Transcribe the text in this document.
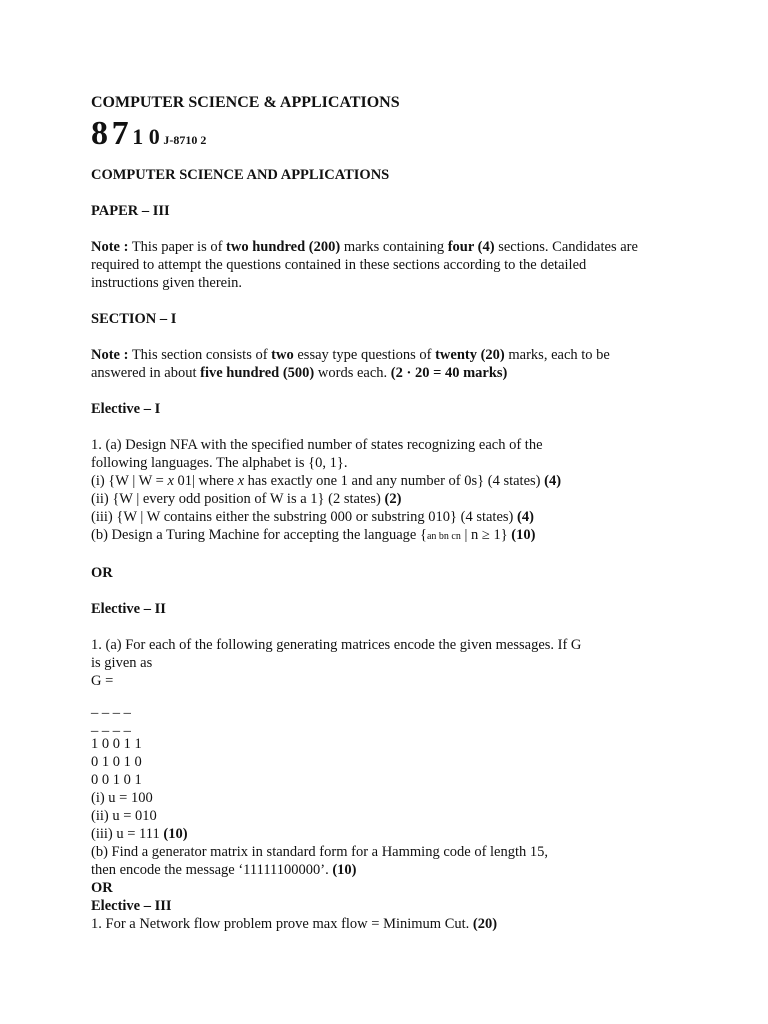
COMPUTER SCIENCE & APPLICATIONS
8 7 1 0 J-8710 2

COMPUTER SCIENCE AND APPLICATIONS

PAPER – III

Note : This paper is of two hundred (200) marks containing four (4) sections. Candidates are
required to attempt the questions contained in these sections according to the detailed
instructions given therein.

SECTION – I

Note : This section consists of two essay type questions of twenty (20) marks, each to be
answered in about five hundred (500) words each. (2 · 20 = 40 marks)

Elective – I

1. (a) Design NFA with the specified number of states recognizing each of the
following languages. The alphabet is {0, 1}.
(i) {W | W = x 01| where x has exactly one 1 and any number of 0s} (4 states) (4)
(ii) {W | every odd position of W is a 1} (2 states) (2)
(iii) {W | W contains either the substring 000 or substring 010} (4 states) (4)
(b) Design a Turing Machine for accepting the language {an bn cn | n ≥ 1} (10)

OR

Elective – II

1. (a) For each of the following generating matrices encode the given messages. If G
is given as
G =
_ _ _ _
_ _ _ _
1 0 0 1 1
0 1 0 1 0
0 0 1 0 1
(i) u = 100
(ii) u = 010
(iii) u = 111 (10)
(b) Find a generator matrix in standard form for a Hamming code of length 15,
then encode the message ‘11111100000’. (10)

OR

Elective – III

1. For a Network flow problem prove max flow = Minimum Cut. (20)
